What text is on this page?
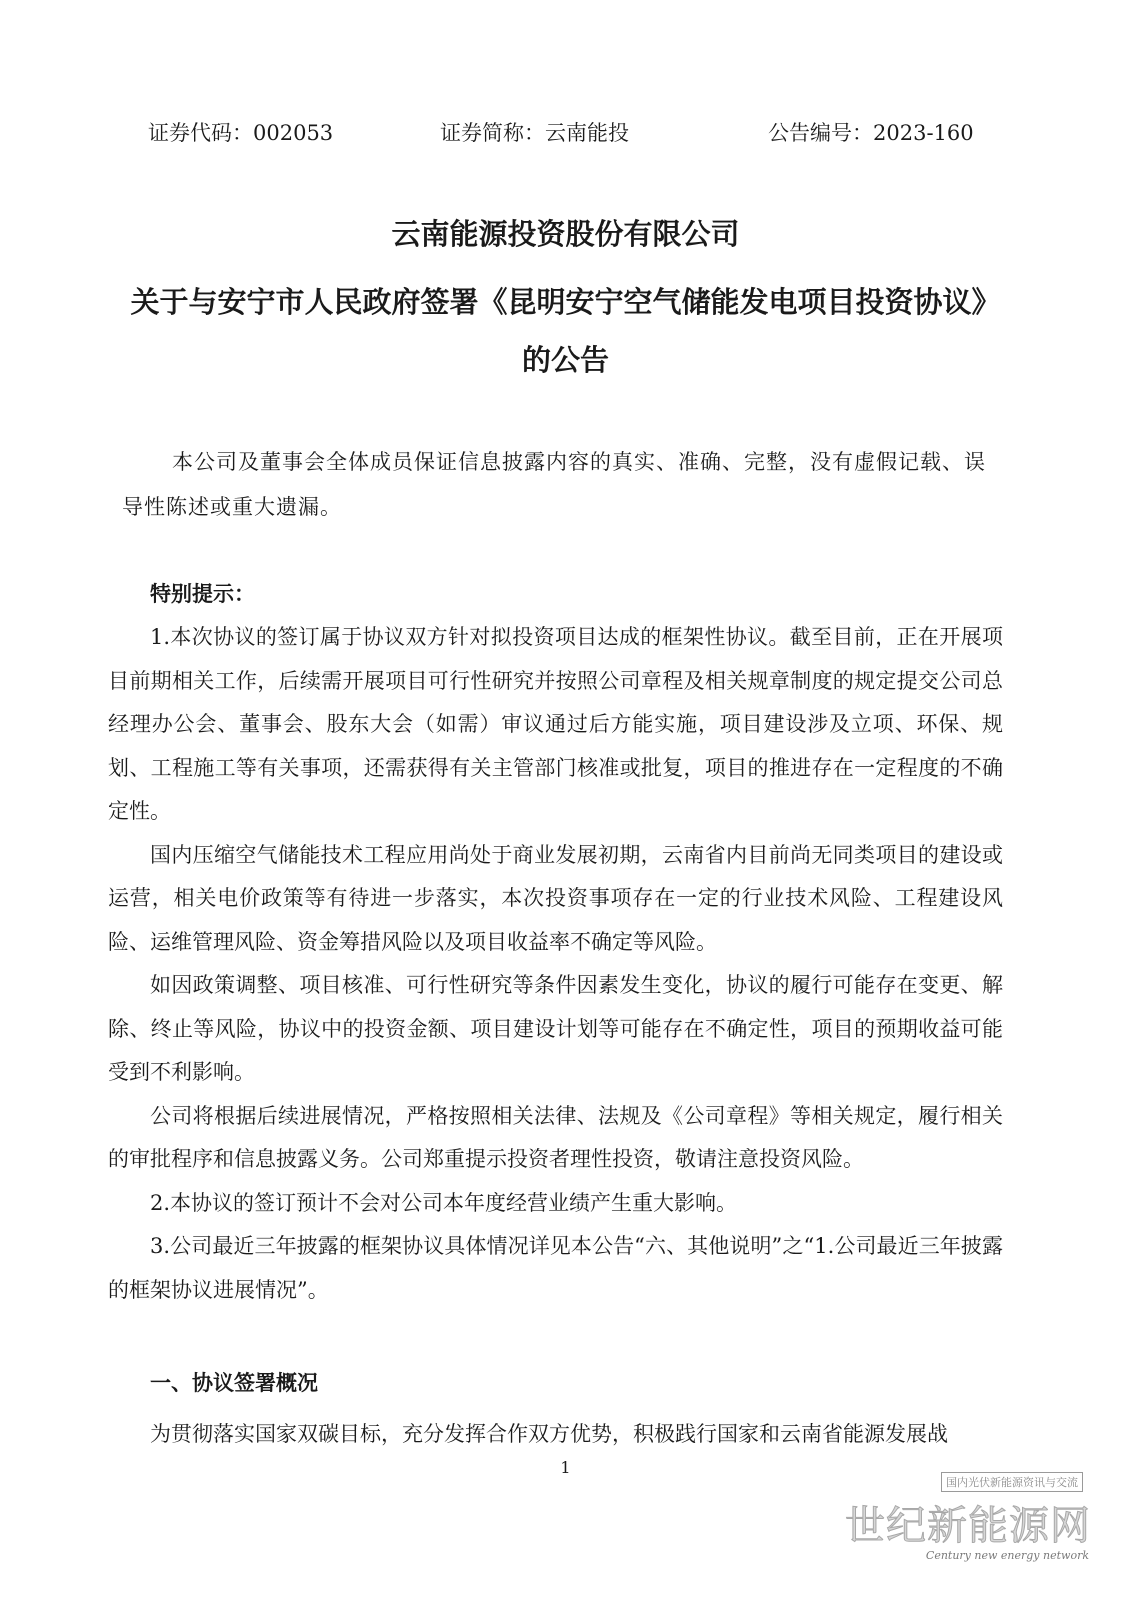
证券代码：002053	证券简称：云南能投	公告编号：2023-160
云南能源投资股份有限公司
关于与安宁市人民政府签署《昆明安宁空气储能发电项目投资协议》
的公告
本公司及董事会全体成员保证信息披露内容的真实、准确、完整，没有虚假记载、误导性陈述或重大遗漏。
特别提示：

1.本次协议的签订属于协议双方针对拟投资项目达成的框架性协议。截至目前，正在开展项目前期相关工作，后续需开展项目可行性研究并按照公司章程及相关规章制度的规定提交公司总经理办公会、董事会、股东大会（如需）审议通过后方能实施，项目建设涉及立项、环保、规划、工程施工等有关事项，还需获得有关主管部门核准或批复，项目的推进存在一定程度的不确定性。

国内压缩空气储能技术工程应用尚处于商业发展初期，云南省内目前尚无同类项目的建设或运营，相关电价政策等有待进一步落实，本次投资事项存在一定的行业技术风险、工程建设风险、运维管理风险、资金筹措风险以及项目收益率不确定等风险。

如因政策调整、项目核准、可行性研究等条件因素发生变化，协议的履行可能存在变更、解除、终止等风险，协议中的投资金额、项目建设计划等可能存在不确定性，项目的预期收益可能受到不利影响。

公司将根据后续进展情况，严格按照相关法律、法规及《公司章程》等相关规定，履行相关的审批程序和信息披露义务。公司郑重提示投资者理性投资，敬请注意投资风险。

2.本协议的签订预计不会对公司本年度经营业绩产生重大影响。

3.公司最近三年披露的框架协议具体情况详见本公告“六、其他说明”之“1.公司最近三年披露的框架协议进展情况”。

一、协议签署概况
为贯彻落实国家双碳目标，充分发挥合作双方优势，积极践行国家和云南省能源发展战
1
国内光伏新能源资讯与交流
世纪新能源网
Century new energy network
